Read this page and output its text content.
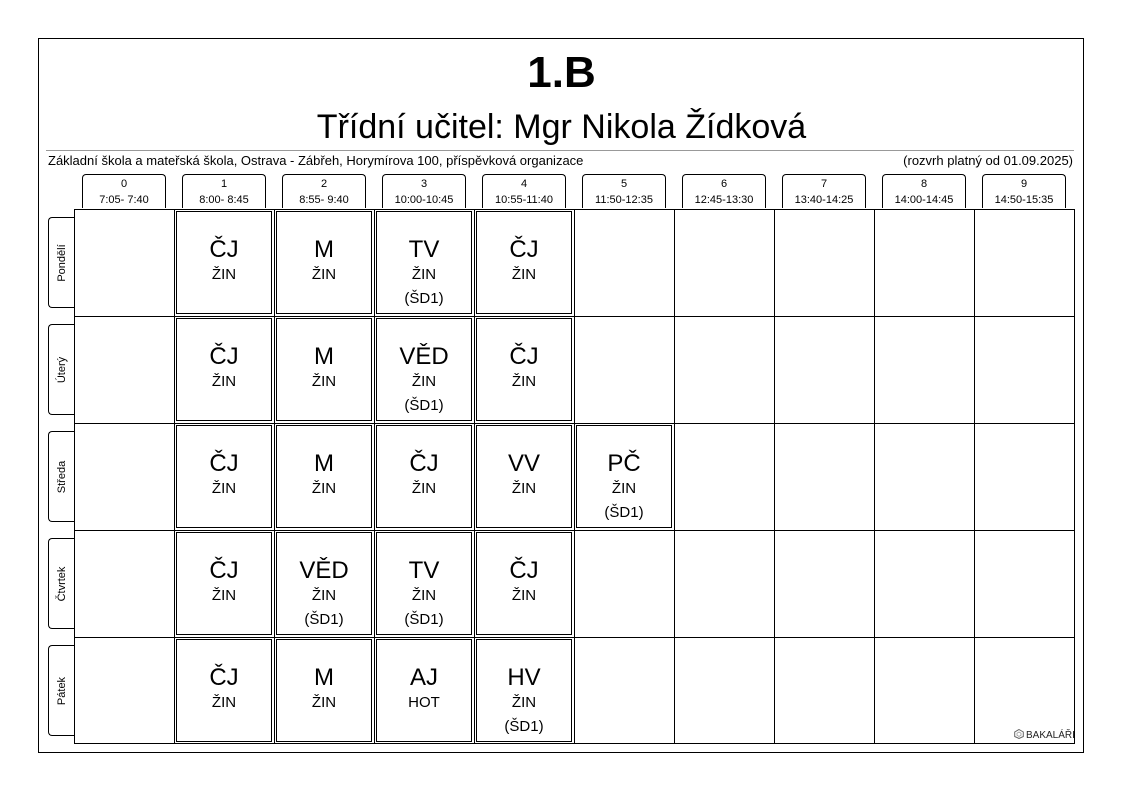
1.B
Třídní učitel: Mgr Nikola Žídková
Základní škola a mateřská škola, Ostrava - Zábřeh, Horymírova 100, příspěvková organizace	(rozvrh platný od 01.09.2025)
0
7:05- 7:40
1
8:00- 8:45
2
8:55- 9:40
3
10:00-10:45
4
10:55-11:40
5
11:50-12:35
6
12:45-13:30
7
13:40-14:25
8
14:00-14:45
9
14:50-15:35
Pondělí
Úterý
Středa
Čtvrtek
Pátek
ČJ
ŽIN
M
ŽIN
TV
ŽIN
(ŠD1)
ČJ
ŽIN
ČJ
ŽIN
M
ŽIN
VĚD
ŽIN
(ŠD1)
ČJ
ŽIN
ČJ
ŽIN
M
ŽIN
ČJ
ŽIN
VV
ŽIN
PČ
ŽIN
(ŠD1)
ČJ
ŽIN
VĚD
ŽIN
(ŠD1)
TV
ŽIN
(ŠD1)
ČJ
ŽIN
ČJ
ŽIN
M
ŽIN
AJ
HOT
HV
ŽIN
(ŠD1)
BAKALÁŘI
